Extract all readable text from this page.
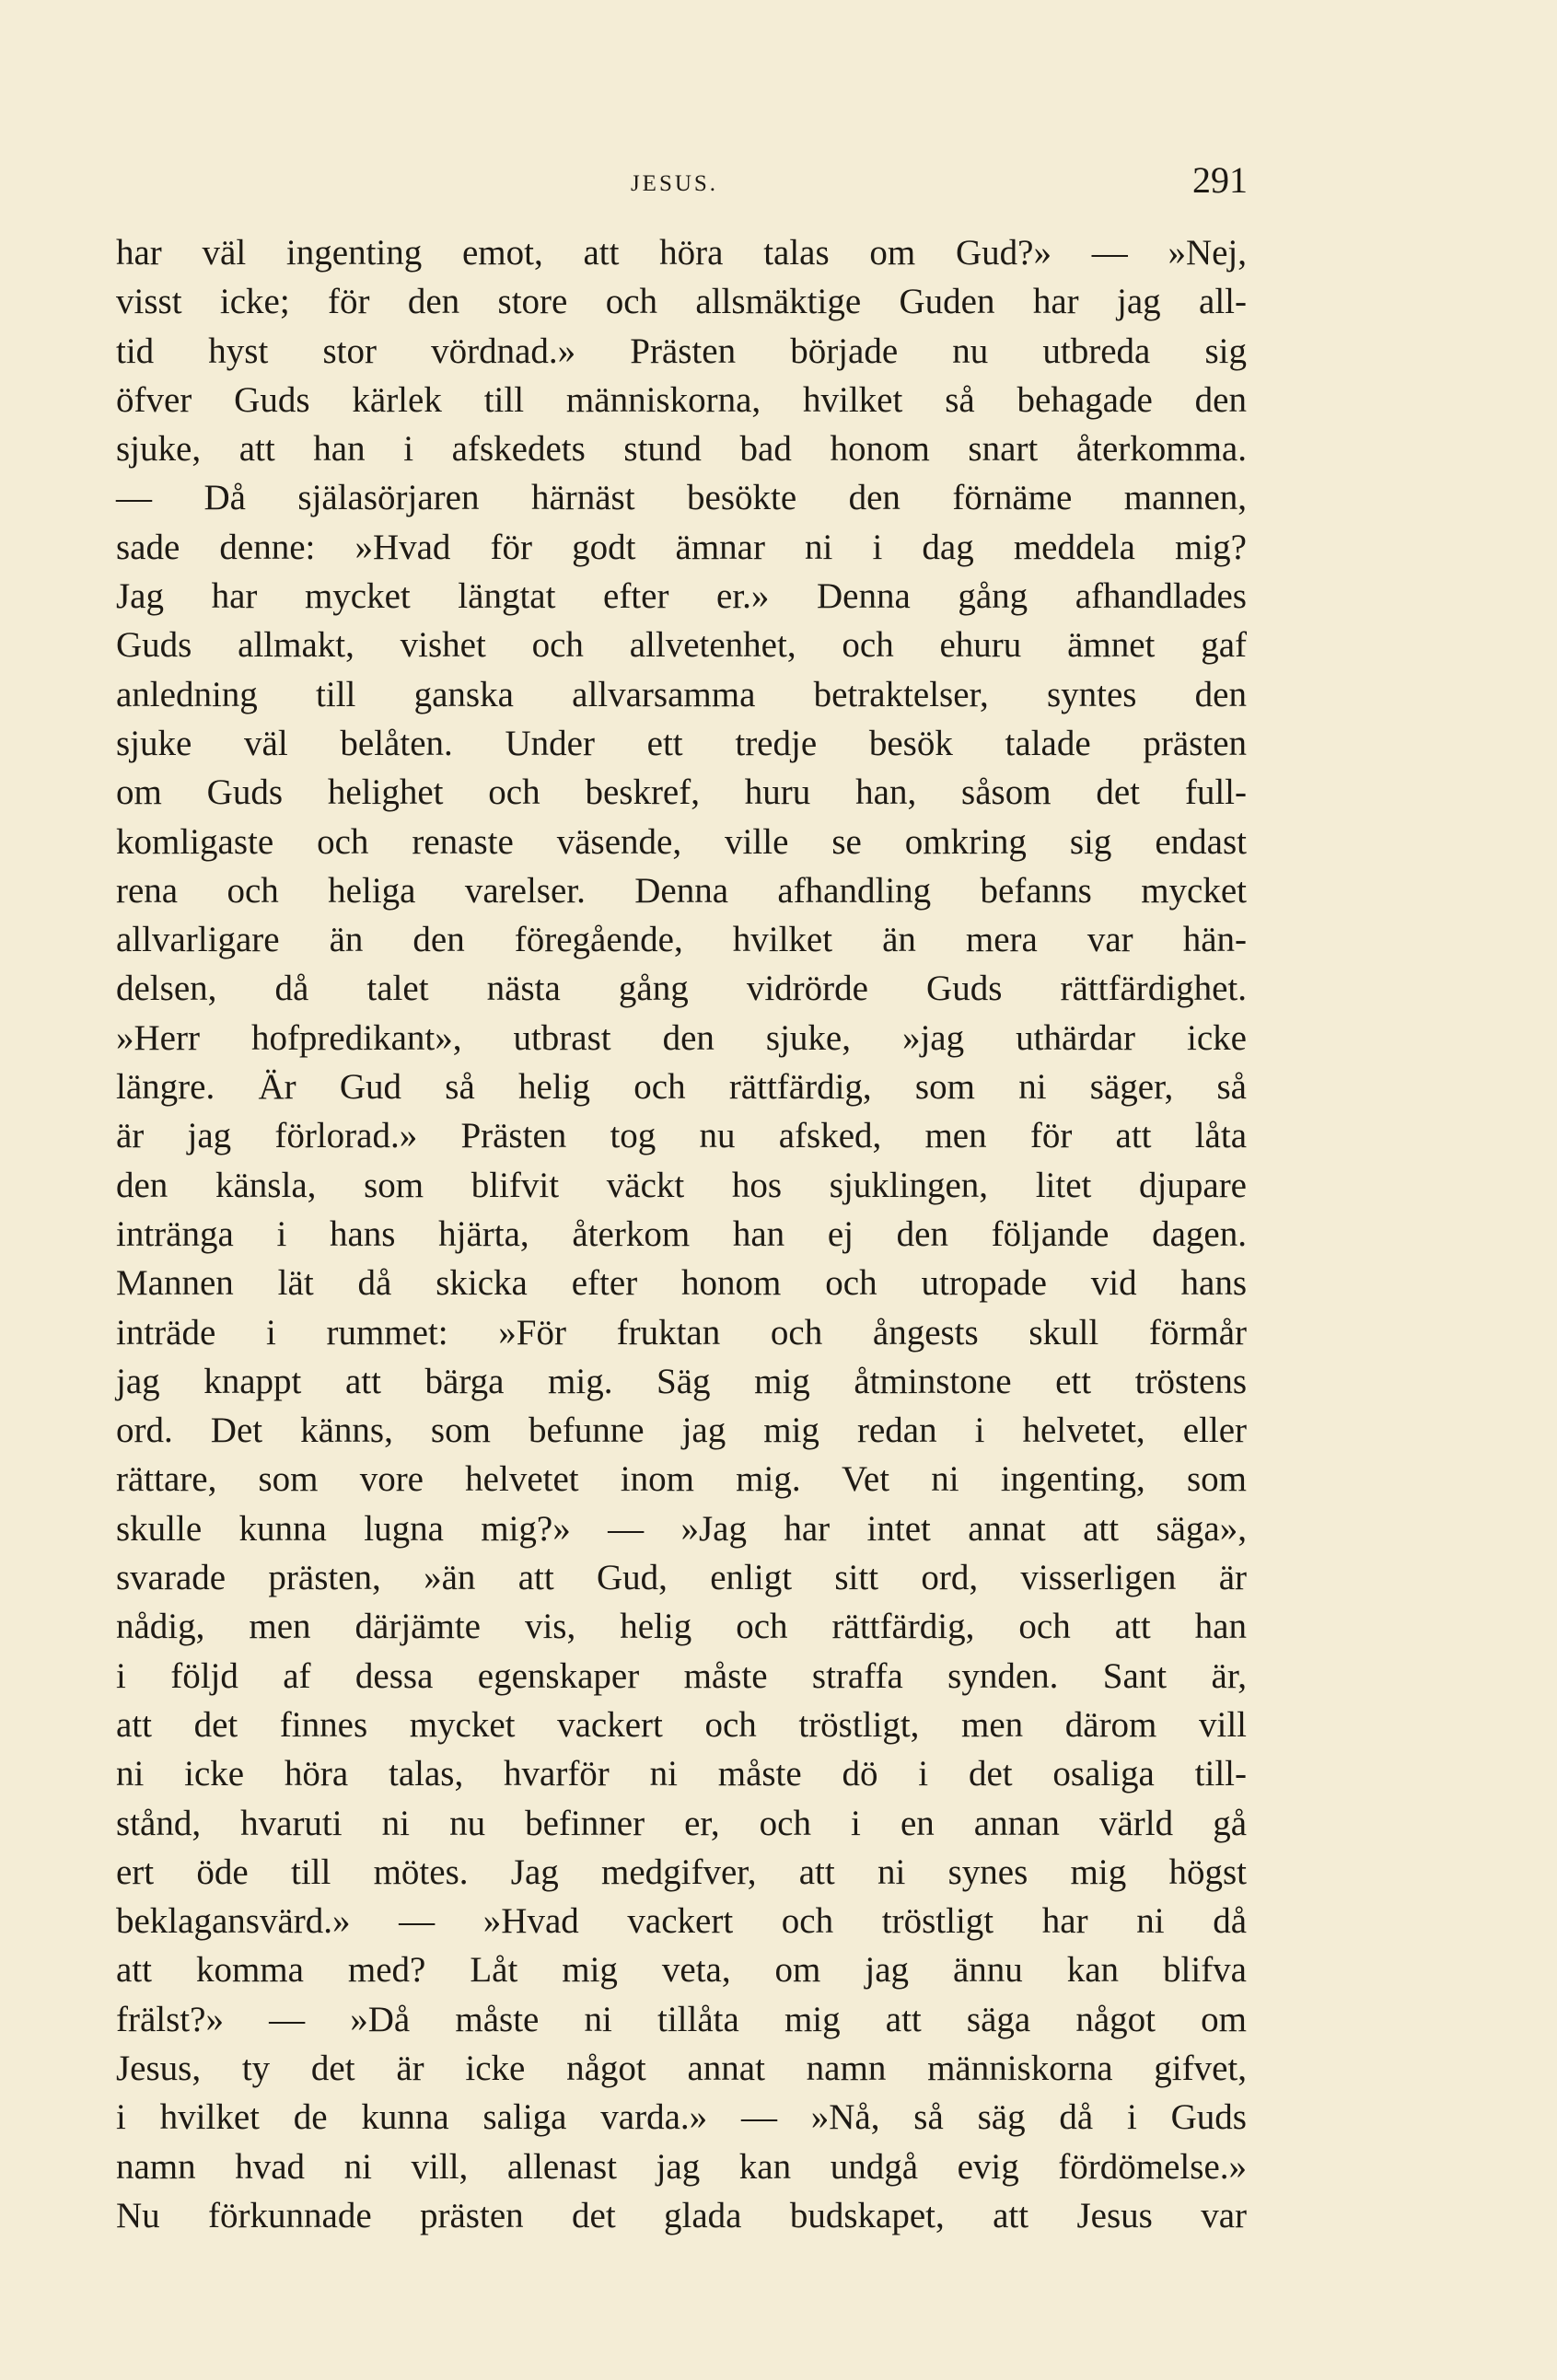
JESUS.	291
har väl ingenting emot, att höra talas om Gud?» — »Nej,
visst icke; för den store och allsmäktige Guden har jag all-
tid hyst stor vördnad.» Prästen började nu utbreda sig
öfver Guds kärlek till människorna, hvilket så behagade den
sjuke, att han i afskedets stund bad honom snart återkomma.
— Då själasörjaren härnäst besökte den förnäme mannen,
sade denne: »Hvad för godt ämnar ni i dag meddela mig?
Jag har mycket längtat efter er.» Denna gång afhandlades
Guds allmakt, vishet och allvetenhet, och ehuru ämnet gaf
anledning till ganska allvarsamma betraktelser, syntes den
sjuke väl belåten. Under ett tredje besök talade prästen
om Guds helighet och beskref, huru han, såsom det full-
komligaste och renaste väsende, ville se omkring sig endast
rena och heliga varelser. Denna afhandling befanns mycket
allvarligare än den föregående, hvilket än mera var hän-
delsen, då talet nästa gång vidrörde Guds rättfärdighet.
»Herr hofpredikant», utbrast den sjuke, »jag uthärdar icke
längre. Är Gud så helig och rättfärdig, som ni säger, så
är jag förlorad.» Prästen tog nu afsked, men för att låta
den känsla, som blifvit väckt hos sjuklingen, litet djupare
inträngа i hans hjärta, återkom han ej den följande dagen.
Mannen lät då skicka efter honom och utropade vid hans
inträde i rummet: »För fruktan och ångests skull förmår
jag knappt att bärga mig. Säg mig åtminstone ett tröstens
ord. Det känns, som befunne jag mig redan i helvetet, eller
rättare, som vore helvetet inom mig. Vet ni ingenting, som
skulle kunna lugna mig?» — »Jag har intet annat att säga»,
svarade prästen, »än att Gud, enligt sitt ord, visserligen är
nådig, men därjämte vis, helig och rättfärdig, och att han
i följd af dessa egenskaper måste straffa synden. Sant är,
att det finnes mycket vackert och tröstligt, men därom vill
ni icke höra talas, hvarför ni måste dö i det osaliga till-
stånd, hvaruti ni nu befinner er, och i en annan värld gå
ert öde till mötes. Jag medgifver, att ni synes mig högst
beklagansvärd.» — »Hvad vackert och tröstligt har ni då
att komma med? Låt mig veta, om jag ännu kan blifva
frälst?» — »Då måste ni tillåta mig att säga något om
Jesus, ty det är icke något annat namn människorna gifvet,
i hvilket de kunna saliga varda.» — »Nå, så säg då i Guds
namn hvad ni vill, allenast jag kan undgå evig fördömelse.»
Nu förkunnade prästen det glada budskapet, att Jesus var
